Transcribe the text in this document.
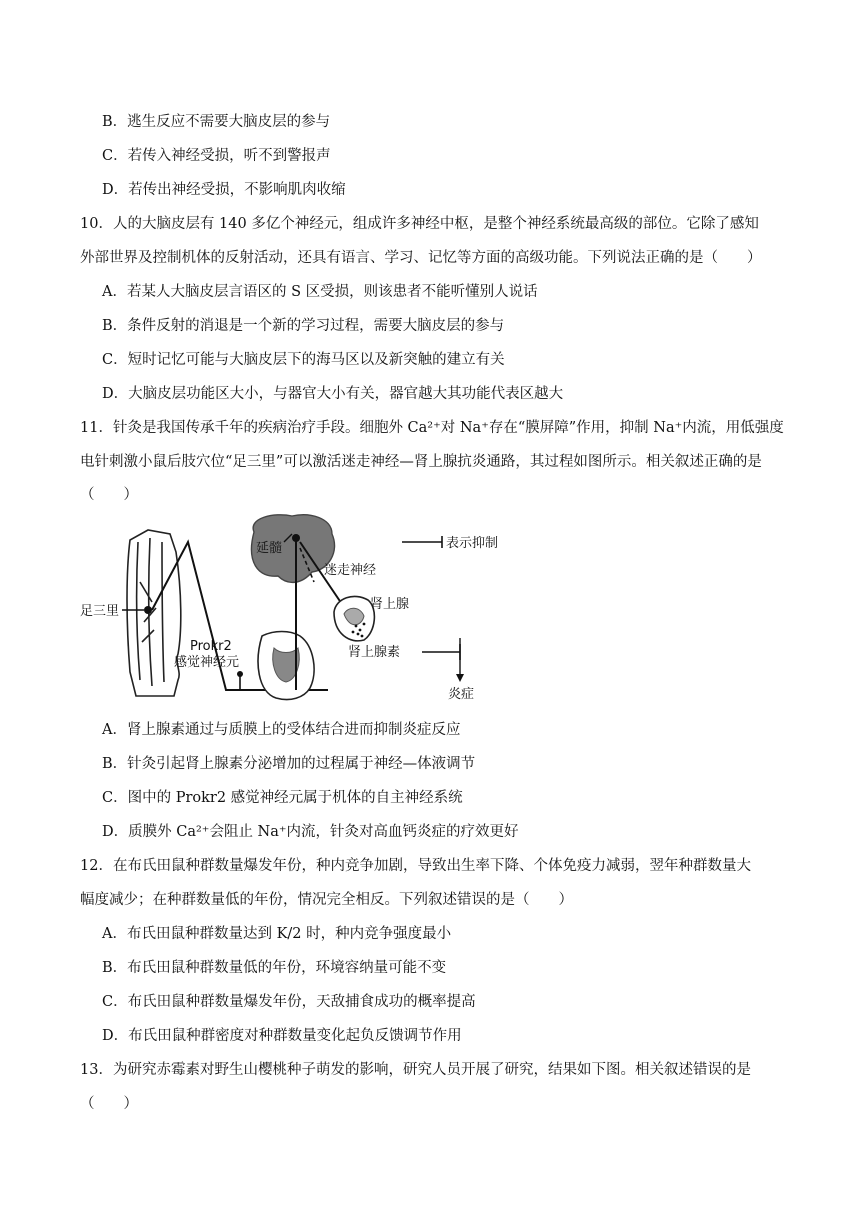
B．逃生反应不需要大脑皮层的参与
C．若传入神经受损，听不到警报声
D．若传出神经受损，不影响肌肉收缩
10．人的大脑皮层有 140 多亿个神经元，组成许多神经中枢，是整个神经系统最高级的部位。它除了感知
外部世界及控制机体的反射活动，还具有语言、学习、记忆等方面的高级功能。下列说法正确的是（　　）
A．若某人大脑皮层言语区的 S 区受损，则该患者不能听懂别人说话
B．条件反射的消退是一个新的学习过程，需要大脑皮层的参与
C．短时记忆可能与大脑皮层下的海马区以及新突触的建立有关
D．大脑皮层功能区大小，与器官大小有关，器官越大其功能代表区越大
11．针灸是我国传承千年的疾病治疗手段。细胞外 Ca²⁺对 Na⁺存在“膜屏障”作用，抑制 Na⁺内流，用低强度
电针刺激小鼠后肢穴位“足三里”可以激活迷走神经—肾上腺抗炎通路，其过程如图所示。相关叙述正确的是
（　　）
延髓
迷走神经
肾上腺
表示抑制
足三里
Prokr2
感觉神经元
肾上腺素
炎症
A．肾上腺素通过与质膜上的受体结合进而抑制炎症反应
B．针灸引起肾上腺素分泌增加的过程属于神经—体液调节
C．图中的 Prokr2 感觉神经元属于机体的自主神经系统
D．质膜外 Ca²⁺会阻止 Na⁺内流，针灸对高血钙炎症的疗效更好
12．在布氏田鼠种群数量爆发年份，种内竞争加剧，导致出生率下降、个体免疫力减弱，翌年种群数量大
幅度减少；在种群数量低的年份，情况完全相反。下列叙述错误的是（　　）
A．布氏田鼠种群数量达到 K/2 时，种内竞争强度最小
B．布氏田鼠种群数量低的年份，环境容纳量可能不变
C．布氏田鼠种群数量爆发年份，天敌捕食成功的概率提高
D．布氏田鼠种群密度对种群数量变化起负反馈调节作用
13．为研究赤霉素对野生山樱桃种子萌发的影响，研究人员开展了研究，结果如下图。相关叙述错误的是
（　　）
